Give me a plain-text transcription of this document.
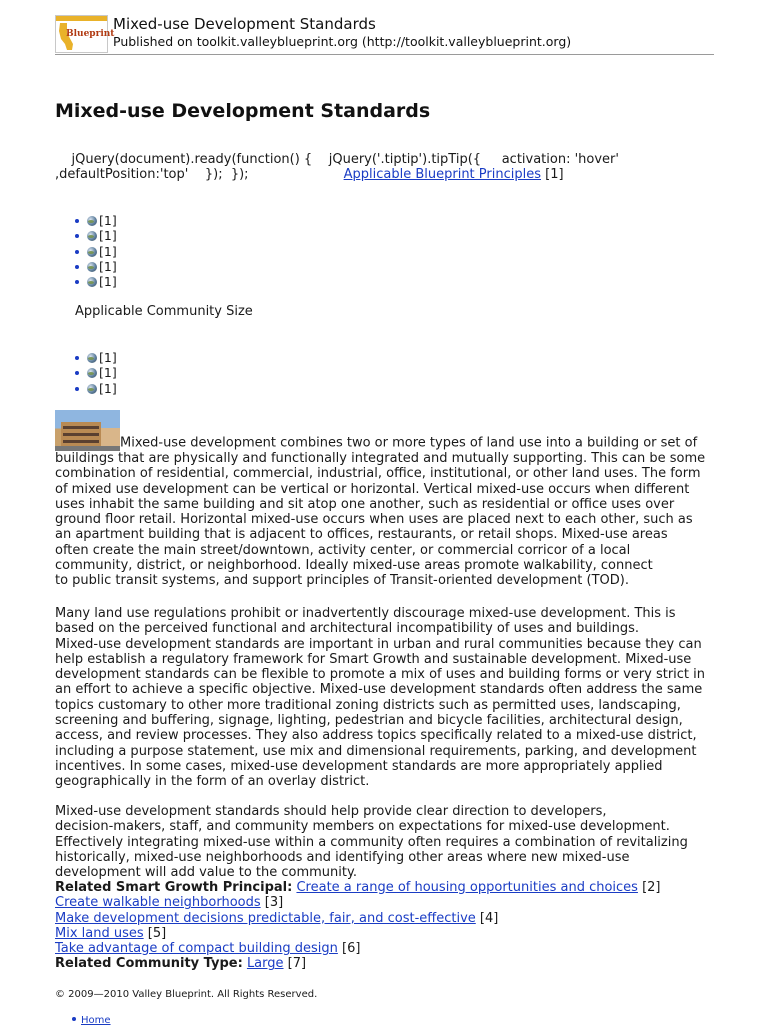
Blueprint
Mixed-use Development Standards
Published on toolkit.valleyblueprint.org (http://toolkit.valleyblueprint.org)
Mixed-use Development Standards
jQuery(document).ready(function() {    jQuery('.tiptip').tipTip({     activation: 'hover'
,defaultPosition:'top'    });  });                       Applicable Blueprint Principles [1]
[1]
[1]
[1]
[1]
[1]
Applicable Community Size
[1]
[1]
[1]
Mixed-use development combines two or more types of land use into a building or set of
buildings that are physically and functionally integrated and mutually supporting. This can be some
combination of residential, commercial, industrial, office, institutional, or other land uses. The form
of mixed use development can be vertical or horizontal. Vertical mixed-use occurs when different
uses inhabit the same building and sit atop one another, such as residential or office uses over
ground floor retail. Horizontal mixed-use occurs when uses are placed next to each other, such as
an apartment building that is adjacent to offices, restaurants, or retail shops. Mixed-use areas
often create the main street/downtown, activity center, or commercial corricor of a local
community, district, or neighborhood. Ideally mixed-use areas promote walkability, connect
to public transit systems, and support principles of Transit-oriented development (TOD).
Many land use regulations prohibit or inadvertently discourage mixed-use development. This is
based on the perceived functional and architectural incompatibility of uses and buildings.
Mixed-use development standards are important in urban and rural communities because they can
help establish a regulatory framework for Smart Growth and sustainable development. Mixed-use
development standards can be flexible to promote a mix of uses and building forms or very strict in
an effort to achieve a specific objective. Mixed-use development standards often address the same
topics customary to other more traditional zoning districts such as permitted uses, landscaping,
screening and buffering, signage, lighting, pedestrian and bicycle facilities, architectural design,
access, and review processes. They also address topics specifically related to a mixed-use district,
including a purpose statement, use mix and dimensional requirements, parking, and development
incentives. In some cases, mixed-use development standards are more appropriately applied
geographically in the form of an overlay district.
Mixed-use development standards should help provide clear direction to developers,
decision-makers, staff, and community members on expectations for mixed-use development.
Effectively integrating mixed-use within a community often requires a combination of revitalizing
historically, mixed-use neighborhoods and identifying other areas where new mixed-use
development will add value to the community.
Related Smart Growth Principal: Create a range of housing opportunities and choices [2]
Create walkable neighborhoods [3]
Make development decisions predictable, fair, and cost-effective [4]
Mix land uses [5]
Take advantage of compact building design [6]
Related Community Type: Large [7]
© 2009—2010 Valley Blueprint. All Rights Reserved.
Home
